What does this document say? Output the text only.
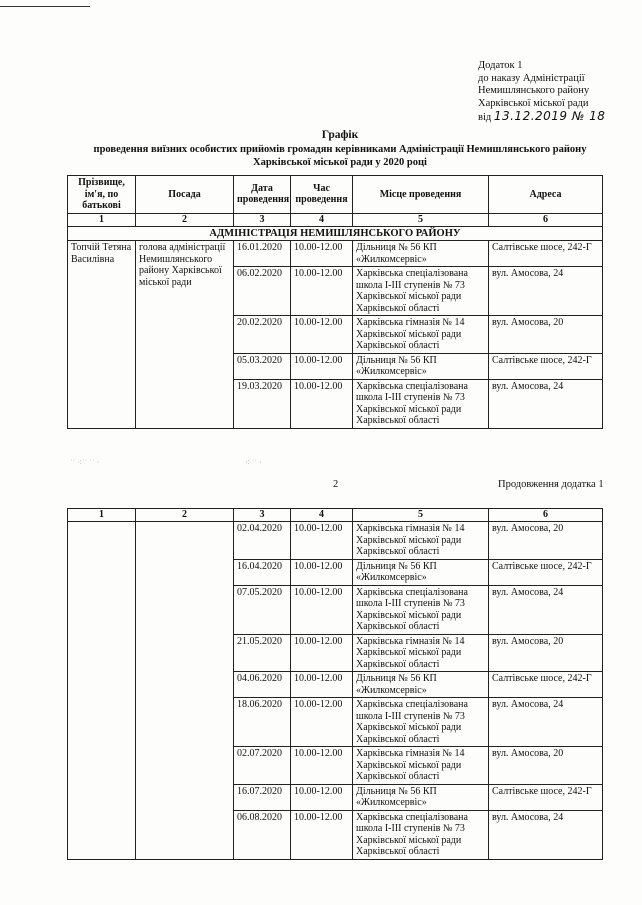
Додаток 1
до наказу Адміністрації
Немишлянського району
Харківської міської ради
від 13.12.2019 № 18
Графік
проведення виїзних особистих прийомів громадян керівниками Адміністрації Немишлянського району
Харківської міської ради у 2020 році
Прізвище, ім'я, по батькові	Посада	Дата проведення	Час проведення	Місце проведення	Адреса
1	2	3	4	5	6
АДМІНІСТРАЦІЯ НЕМИШЛЯНСЬКОГО РАЙОНУ					
Топчій Тетяна Василівна	голова адміністрації Немишлянського району Харківської міської ради	16.01.2020	10.00-12.00	Дільниця № 56 КП «Жилкомсервіс»	Салтівське шосе, 242-Г
		06.02.2020	10.00-12.00	Харківська спеціалізована школа І-ІІІ ступенів № 73 Харківської міської ради Харківської області	вул. Амосова, 24
		20.02.2020	10.00-12.00	Харківська гімназія № 14 Харківської міської ради Харківської області	вул. Амосова, 20
		05.03.2020	10.00-12.00	Дільниця № 56 КП «Жилкомсервіс»	Салтівське шосе, 242-Г
		19.03.2020	10.00-12.00	Харківська спеціалізована школа І-ІІІ ступенів № 73 Харківської міської ради Харківської області	вул. Амосова, 24
˙˙ ⁖˙˙ ˙˙ ·	⁖ ˙˙ ·
2	Продовження додатка 1
1	2	3	4	5	6
		02.04.2020	10.00-12.00	Харківська гімназія № 14 Харківської міської ради Харківської області	вул. Амосова, 20
		16.04.2020	10.00-12.00	Дільниця № 56 КП «Жилкомсервіс»	Салтівське шосе, 242-Г
		07.05.2020	10.00-12.00	Харківська спеціалізована школа І-ІІІ ступенів № 73 Харківської міської ради Харківської області	вул. Амосова, 24
		21.05.2020	10.00-12.00	Харківська гімназія № 14 Харківської міської ради Харківської області	вул. Амосова, 20
		04.06.2020	10.00-12.00	Дільниця № 56 КП «Жилкомсервіс»	Салтівське шосе, 242-Г
		18.06.2020	10.00-12.00	Харківська спеціалізована школа І-ІІІ ступенів № 73 Харківської міської ради Харківської області	вул. Амосова, 24
		02.07.2020	10.00-12.00	Харківська гімназія № 14 Харківської міської ради Харківської області	вул. Амосова, 20
		16.07.2020	10.00-12.00	Дільниця № 56 КП «Жилкомсервіс»	Салтівське шосе, 242-Г
		06.08.2020	10.00-12.00	Харківська спеціалізована школа І-ІІІ ступенів № 73 Харківської міської ради Харківської області	вул. Амосова, 24
